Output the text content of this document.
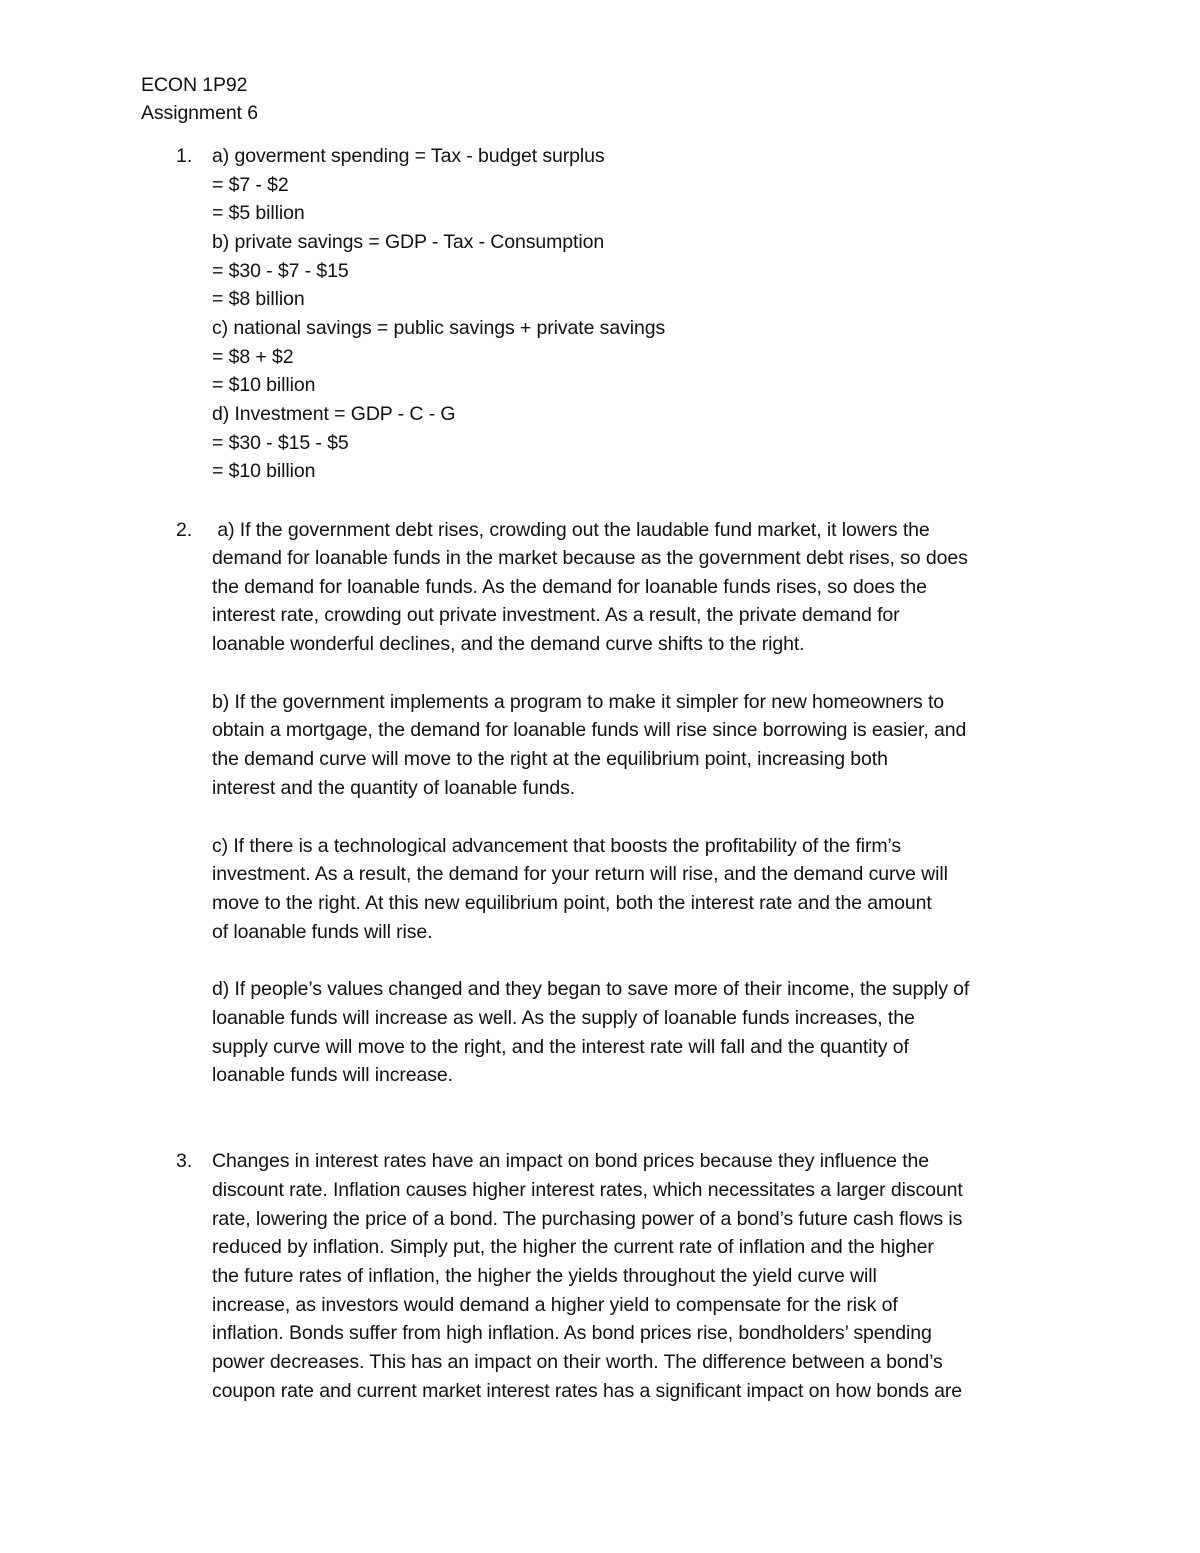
ECON 1P92
Assignment 6
1. a) goverment spending = Tax - budget surplus
= $7 - $2
= $5 billion
b) private savings = GDP - Tax - Consumption
= $30 - $7 - $15
= $8 billion
c) national savings = public savings + private savings
= $8 + $2
= $10 billion
d) Investment = GDP - C - G
= $30 - $15 - $5
= $10 billion
2. a) If the government debt rises, crowding out the laudable fund market, it lowers the
demand for loanable funds in the market because as the government debt rises, so does
the demand for loanable funds. As the demand for loanable funds rises, so does the
interest rate, crowding out private investment. As a result, the private demand for
loanable wonderful declines, and the demand curve shifts to the right.
b) If the government implements a program to make it simpler for new homeowners to
obtain a mortgage, the demand for loanable funds will rise since borrowing is easier, and
the demand curve will move to the right at the equilibrium point, increasing both
interest and the quantity of loanable funds.
c) If there is a technological advancement that boosts the profitability of the firm’s
investment. As a result, the demand for your return will rise, and the demand curve will
move to the right. At this new equilibrium point, both the interest rate and the amount
of loanable funds will rise.
d) If people’s values changed and they began to save more of their income, the supply of
loanable funds will increase as well. As the supply of loanable funds increases, the
supply curve will move to the right, and the interest rate will fall and the quantity of
loanable funds will increase.
3. Changes in interest rates have an impact on bond prices because they influence the
discount rate. Inflation causes higher interest rates, which necessitates a larger discount
rate, lowering the price of a bond. The purchasing power of a bond’s future cash flows is
reduced by inflation. Simply put, the higher the current rate of inflation and the higher
the future rates of inflation, the higher the yields throughout the yield curve will
increase, as investors would demand a higher yield to compensate for the risk of
inflation. Bonds suffer from high inflation. As bond prices rise, bondholders’ spending
power decreases. This has an impact on their worth. The difference between a bond’s
coupon rate and current market interest rates has a significant impact on how bonds are
